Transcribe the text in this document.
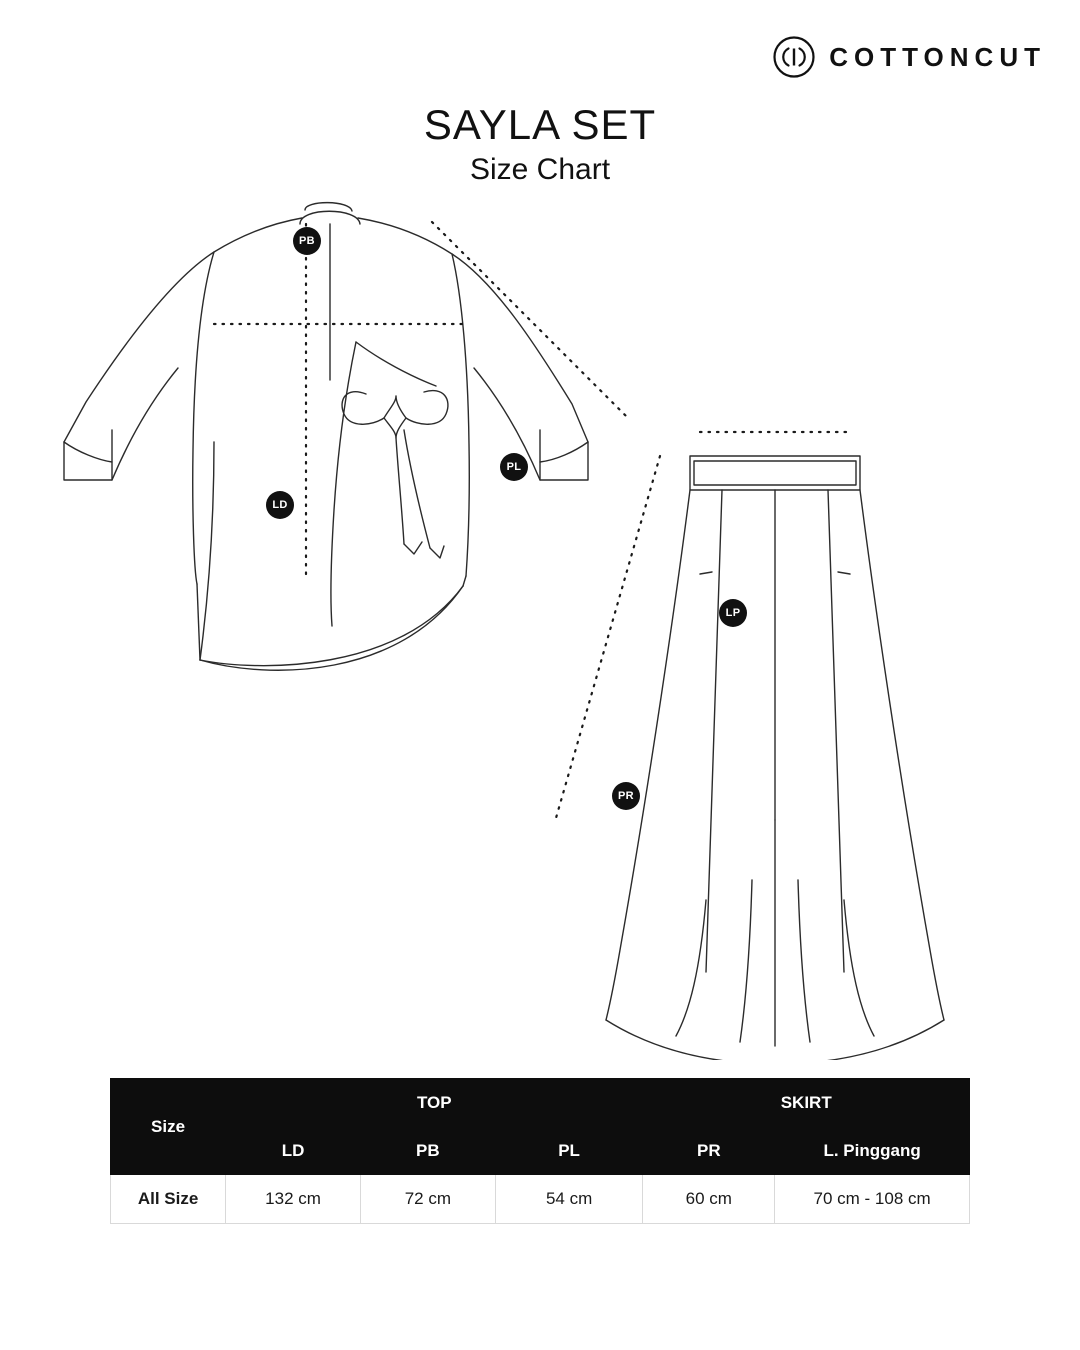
COTTONCUT
SAYLA SET
Size Chart
PB
PL
LD
LP
PR
Size	TOP			SKIRT	
	LD	PB	PL	PR	L. Pinggang
All Size	132 cm	72 cm	54 cm	60 cm	70 cm - 108 cm
